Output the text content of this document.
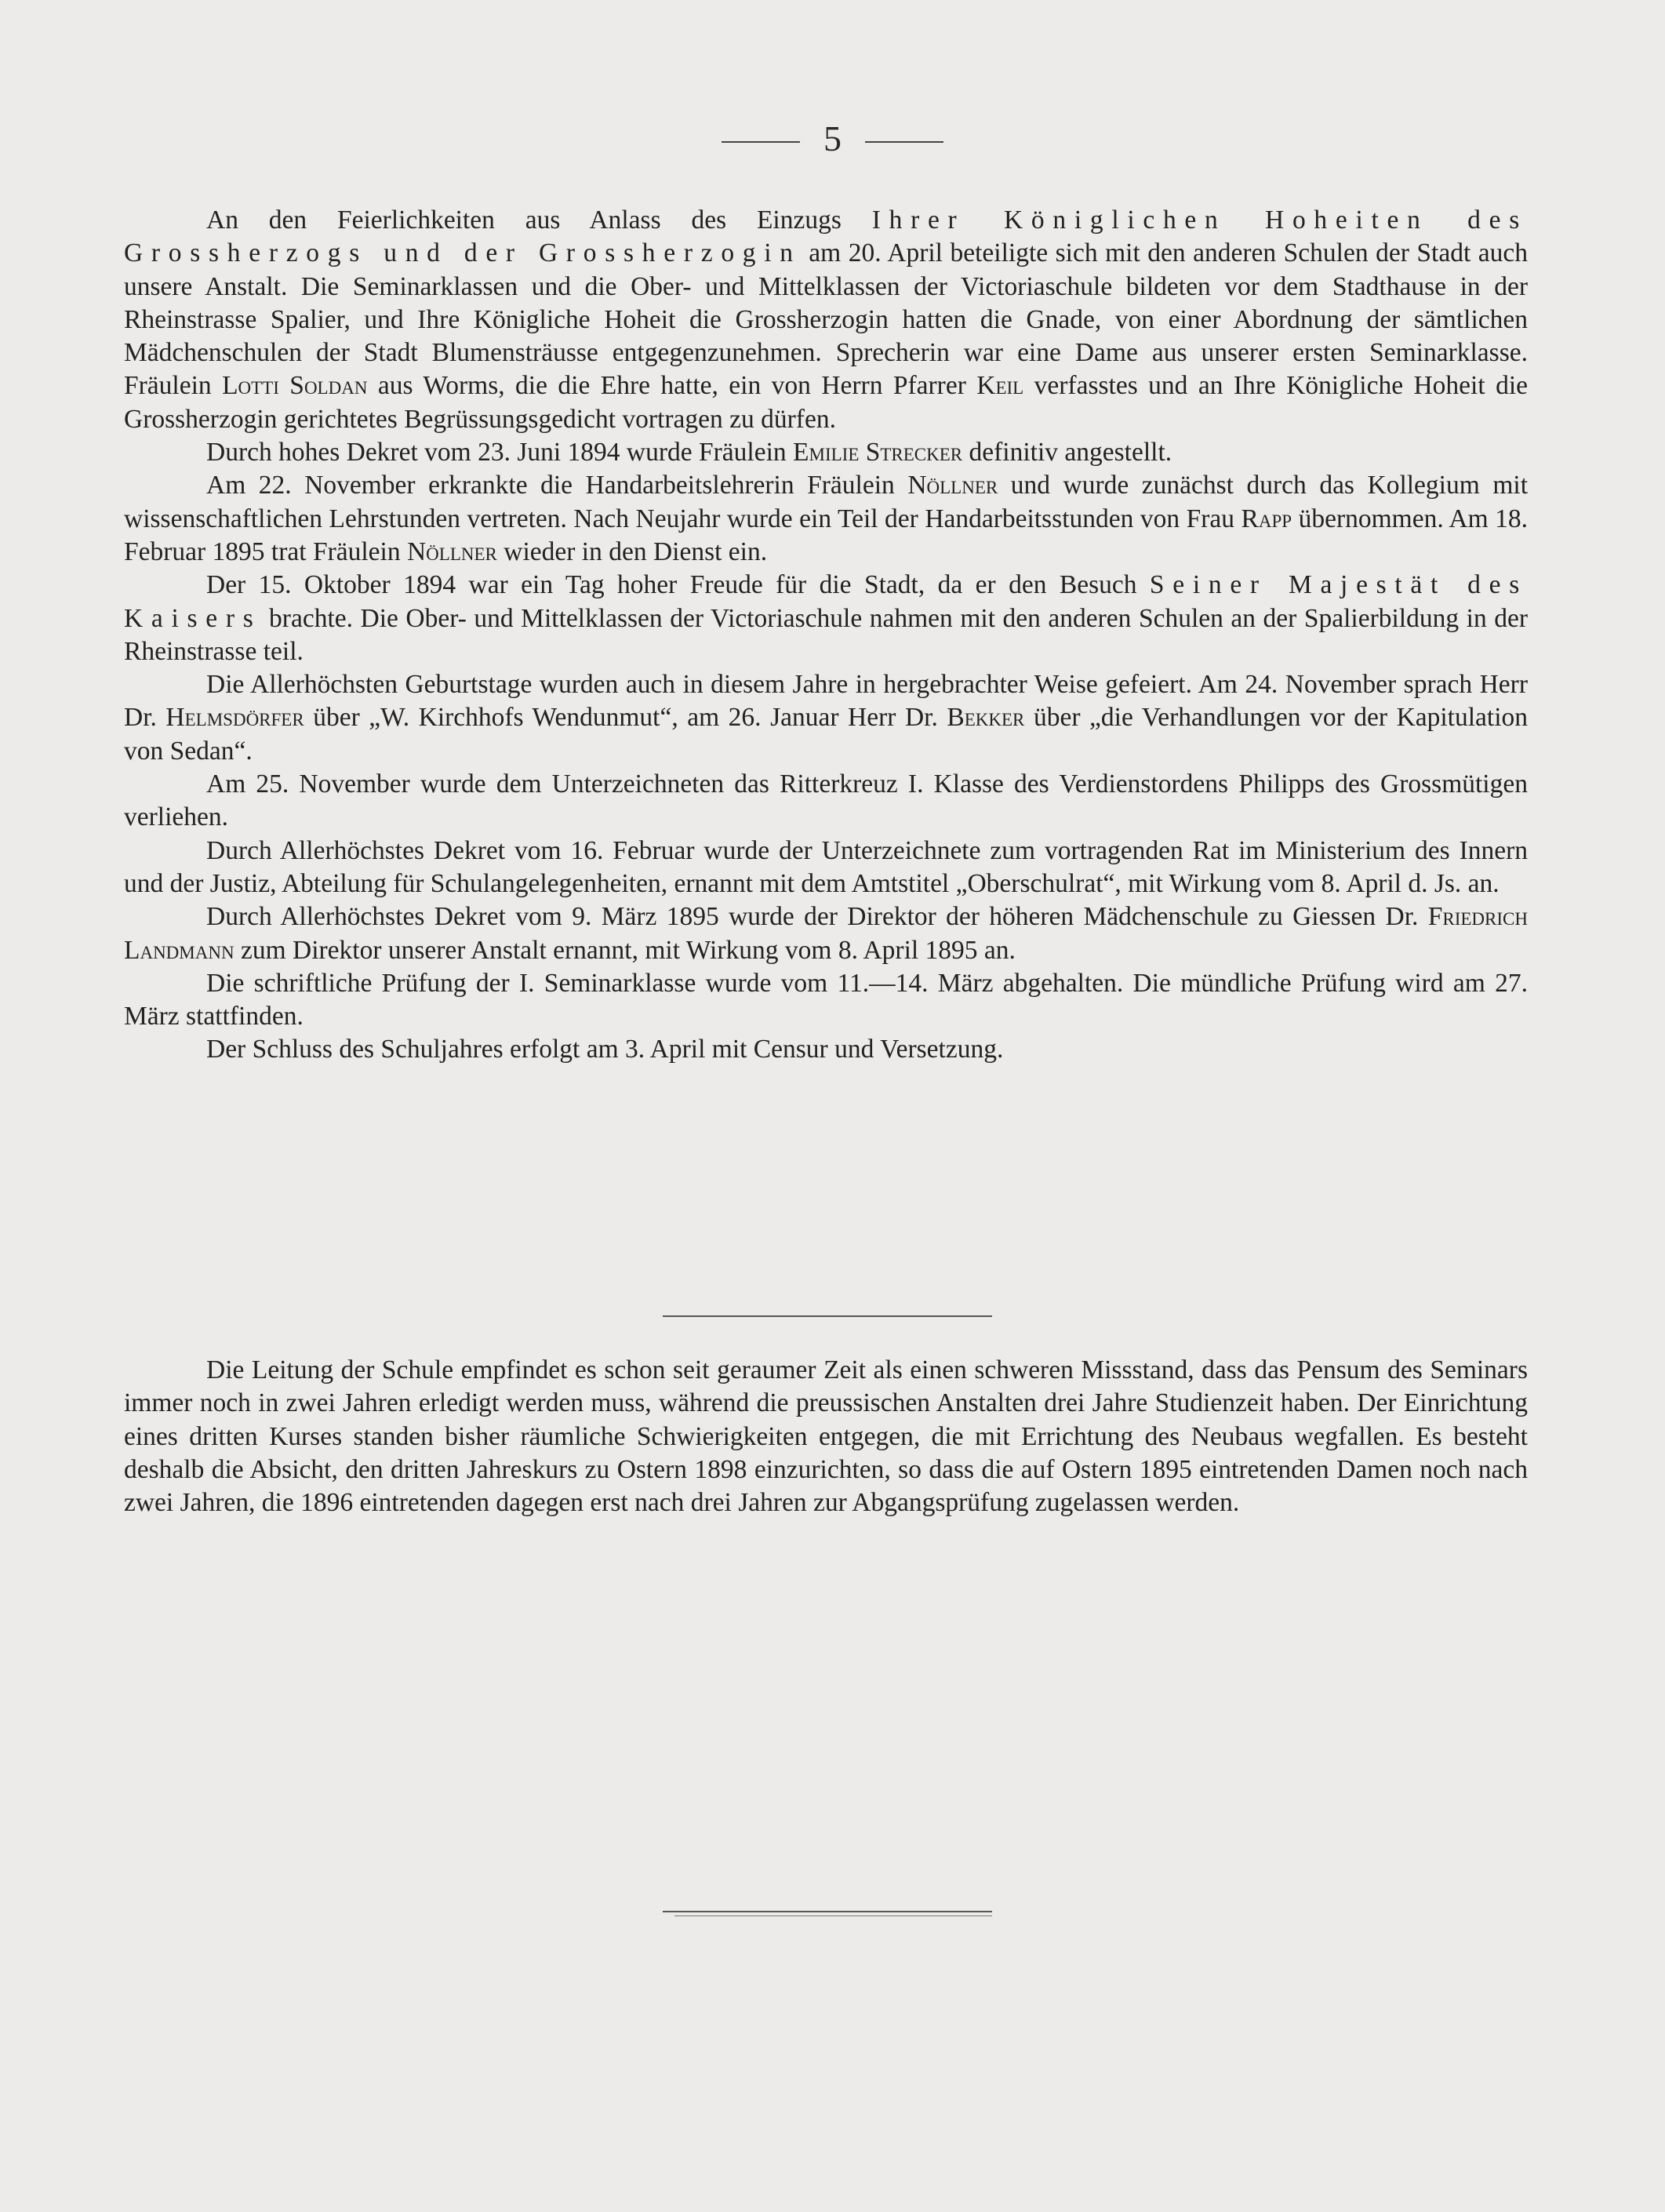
5

An den Feierlichkeiten aus Anlass des Einzugs Ihrer Königlichen Hoheiten des Grossherzogs und der Grossherzogin am 20. April beteiligte sich mit den anderen Schulen der Stadt auch unsere Anstalt. Die Seminarklassen und die Ober- und Mittelklassen der Victoriaschule bildeten vor dem Stadthause in der Rheinstrasse Spalier, und Ihre Königliche Hoheit die Grossherzogin hatten die Gnade, von einer Abordnung der sämtlichen Mädchenschulen der Stadt Blumensträusse entgegenzunehmen. Sprecherin war eine Dame aus unserer ersten Seminarklasse. Fräulein Lotti Soldan aus Worms, die die Ehre hatte, ein von Herrn Pfarrer Keil verfasstes und an Ihre Königliche Hoheit die Grossherzogin gerichtetes Begrüssungsgedicht vortragen zu dürfen.

Durch hohes Dekret vom 23. Juni 1894 wurde Fräulein Emilie Strecker definitiv angestellt.

Am 22. November erkrankte die Handarbeitslehrerin Fräulein Nöllner und wurde zunächst durch das Kollegium mit wissenschaftlichen Lehrstunden vertreten. Nach Neujahr wurde ein Teil der Handarbeitsstunden von Frau Rapp übernommen. Am 18. Februar 1895 trat Fräulein Nöllner wieder in den Dienst ein.

Der 15. Oktober 1894 war ein Tag hoher Freude für die Stadt, da er den Besuch Seiner Majestät des Kaisers brachte. Die Ober- und Mittelklassen der Victoriaschule nahmen mit den anderen Schulen an der Spalierbildung in der Rheinstrasse teil.

Die Allerhöchsten Geburtstage wurden auch in diesem Jahre in hergebrachter Weise gefeiert. Am 24. November sprach Herr Dr. Helmsdörfer über „W. Kirchhofs Wendunmut“, am 26. Januar Herr Dr. Bekker über „die Verhandlungen vor der Kapitulation von Sedan“.

Am 25. November wurde dem Unterzeichneten das Ritterkreuz I. Klasse des Verdienstordens Philipps des Grossmütigen verliehen.

Durch Allerhöchstes Dekret vom 16. Februar wurde der Unterzeichnete zum vortragenden Rat im Ministerium des Innern und der Justiz, Abteilung für Schulangelegenheiten, ernannt mit dem Amtstitel „Oberschulrat“, mit Wirkung vom 8. April d. Js. an.

Durch Allerhöchstes Dekret vom 9. März 1895 wurde der Direktor der höheren Mädchenschule zu Giessen Dr. Friedrich Landmann zum Direktor unserer Anstalt ernannt, mit Wirkung vom 8. April 1895 an.

Die schriftliche Prüfung der I. Seminarklasse wurde vom 11.—14. März abgehalten. Die mündliche Prüfung wird am 27. März stattfinden.

Der Schluss des Schuljahres erfolgt am 3. April mit Censur und Versetzung.

Die Leitung der Schule empfindet es schon seit geraumer Zeit als einen schweren Missstand, dass das Pensum des Seminars immer noch in zwei Jahren erledigt werden muss, während die preussischen Anstalten drei Jahre Studienzeit haben. Der Einrichtung eines dritten Kurses standen bisher räumliche Schwierigkeiten entgegen, die mit Errichtung des Neubaus wegfallen. Es besteht deshalb die Absicht, den dritten Jahreskurs zu Ostern 1898 einzurichten, so dass die auf Ostern 1895 eintretenden Damen noch nach zwei Jahren, die 1896 eintretenden dagegen erst nach drei Jahren zur Abgangsprüfung zugelassen werden.
